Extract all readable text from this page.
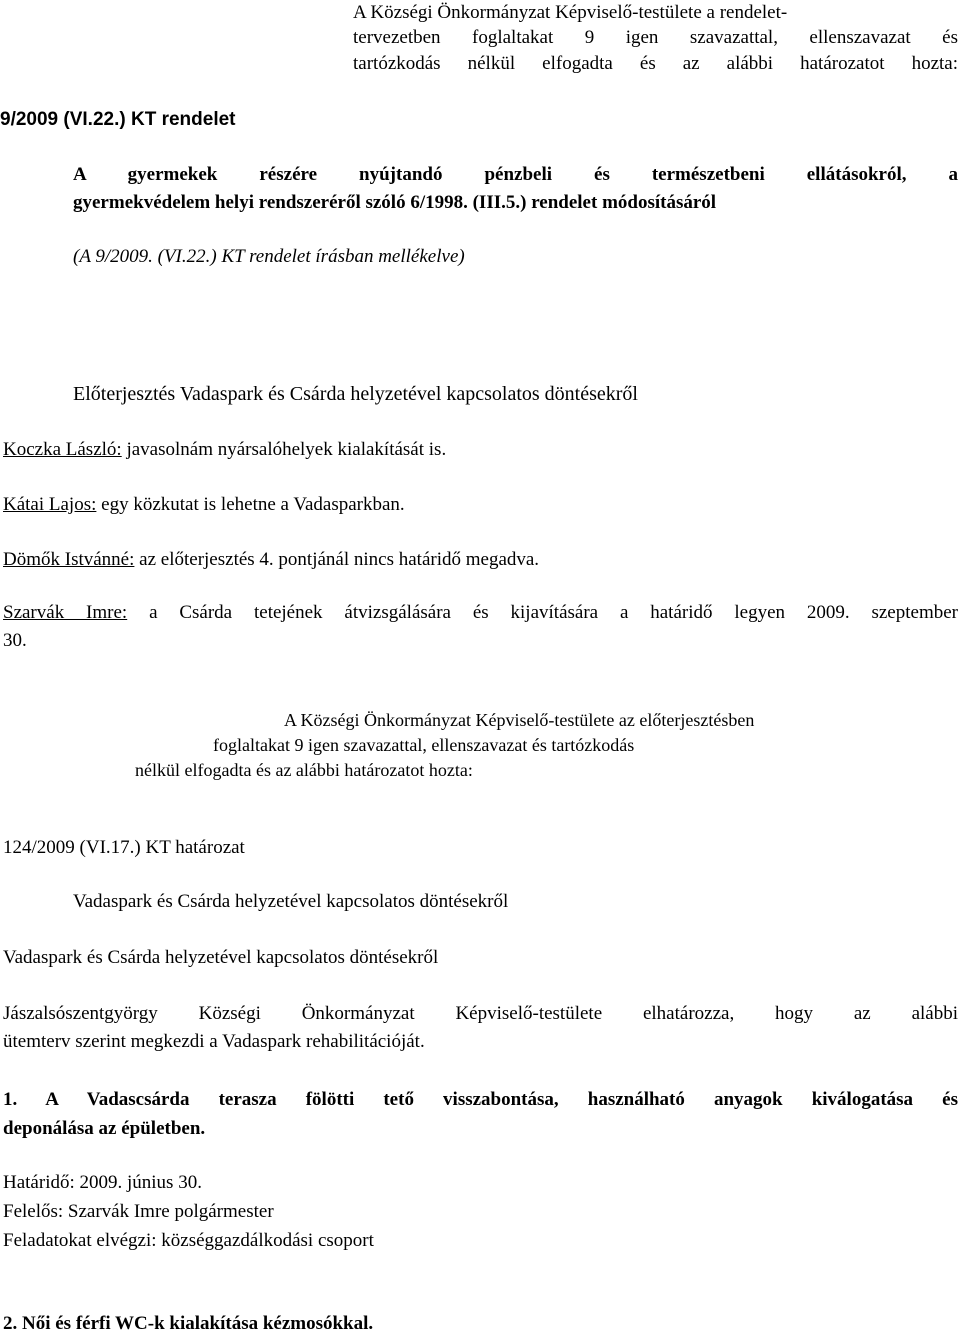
A Községi Önkormányzat Képviselő-testülete a rendelet-
tervezetben foglaltakat 9 igen szavazattal, ellenszavazat és
tartózkodás nélkül elfogadta és az alábbi határozatot hozta:
9/2009 (VI.22.) KT rendelet
A gyermekek részére nyújtandó pénzbeli és természetbeni ellátásokról, a
gyermekvédelem helyi rendszeréről szóló 6/1998. (III.5.) rendelet módosításáról
(A 9/2009. (VI.22.) KT rendelet írásban mellékelve)
Előterjesztés Vadaspark és Csárda helyzetével kapcsolatos döntésekről
Koczka László: javasolnám nyársalóhelyek kialakítását is.
Kátai Lajos: egy közkutat is lehetne a Vadasparkban.
Dömők Istvánné: az előterjesztés 4. pontjánál nincs határidő megadva.
Szarvák Imre: a Csárda tetejének átvizsgálására és kijavítására a határidő legyen 2009. szeptember
30.
A Községi Önkormányzat Képviselő-testülete az előterjesztésben
foglaltakat 9 igen szavazattal, ellenszavazat és tartózkodás
nélkül elfogadta és az alábbi határozatot hozta:
124/2009 (VI.17.) KT határozat
Vadaspark és Csárda helyzetével kapcsolatos döntésekről
Vadaspark és Csárda helyzetével kapcsolatos döntésekről
Jászalsószentgyörgy Községi Önkormányzat Képviselő-testülete elhatározza, hogy az alábbi
ütemterv szerint megkezdi a Vadaspark rehabilitációját.
1. A Vadascsárda terasza fölötti tető visszabontása, használható anyagok kiválogatása és
deponálása az épületben.
Határidő: 2009. június 30.
Felelős: Szarvák Imre polgármester
Feladatokat elvégzi: községgazdálkodási csoport
2. Női és férfi WC-k kialakítása kézmosókkal.
